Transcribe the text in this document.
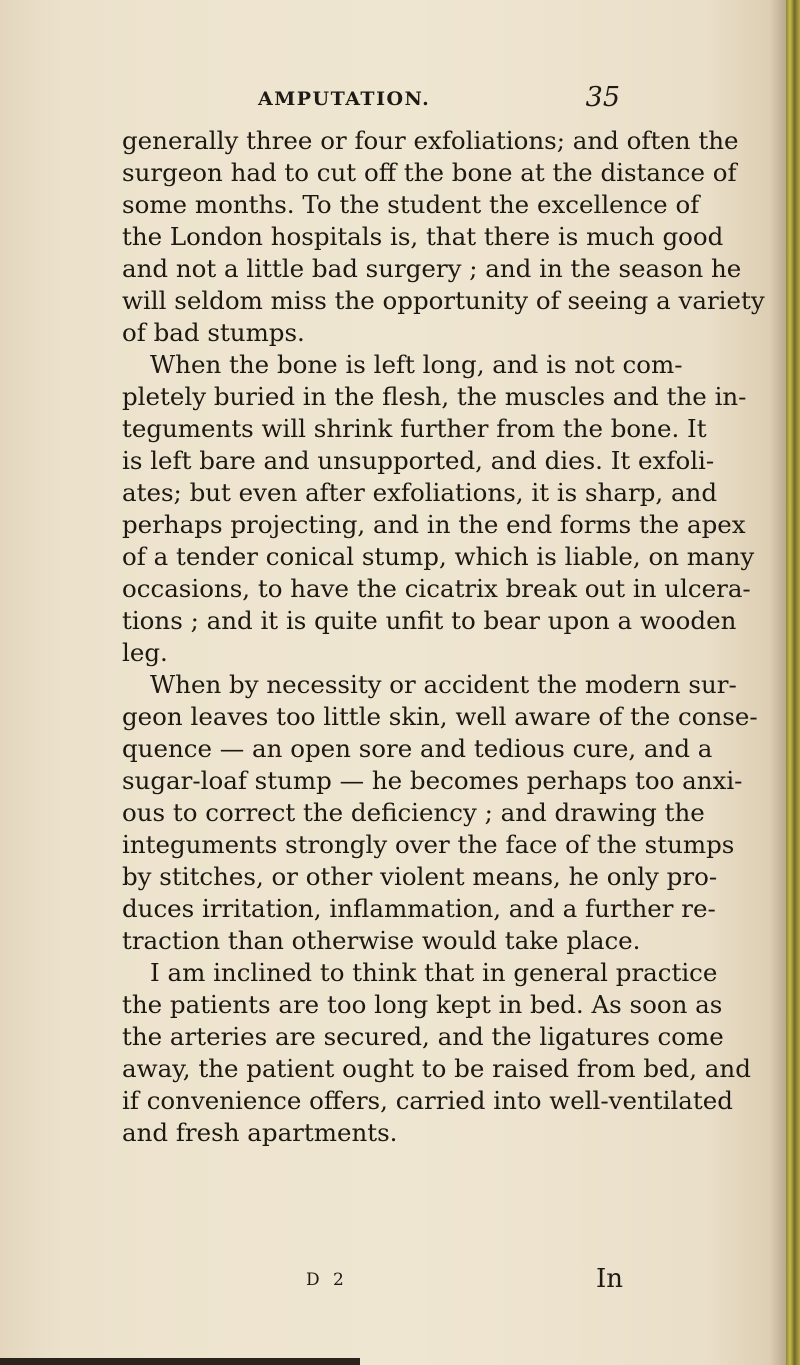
AMPUTATION.	35
generally three or four exfoliations; and often the
surgeon had to cut off the bone at the distance of
some months. To the student the excellence of
the London hospitals is, that there is much good
and not a little bad surgery ; and in the season he
will seldom miss the opportunity of seeing a variety
of bad stumps.
When the bone is left long, and is not com-
pletely buried in the flesh, the muscles and the in-
teguments will shrink further from the bone. It
is left bare and unsupported, and dies. It exfoli-
ates; but even after exfoliations, it is sharp, and
perhaps projecting, and in the end forms the apex
of a tender conical stump, which is liable, on many
occasions, to have the cicatrix break out in ulcera-
tions ; and it is quite unfit to bear upon a wooden
leg.
When by necessity or accident the modern sur-
geon leaves too little skin, well aware of the conse-
quence — an open sore and tedious cure, and a
sugar-loaf stump — he becomes perhaps too anxi-
ous to correct the deficiency ; and drawing the
integuments strongly over the face of the stumps
by stitches, or other violent means, he only pro-
duces irritation, inflammation, and a further re-
traction than otherwise would take place.
I am inclined to think that in general practice
the patients are too long kept in bed. As soon as
the arteries are secured, and the ligatures come
away, the patient ought to be raised from bed, and
if convenience offers, carried into well-ventilated
and fresh apartments.
D 2	In
